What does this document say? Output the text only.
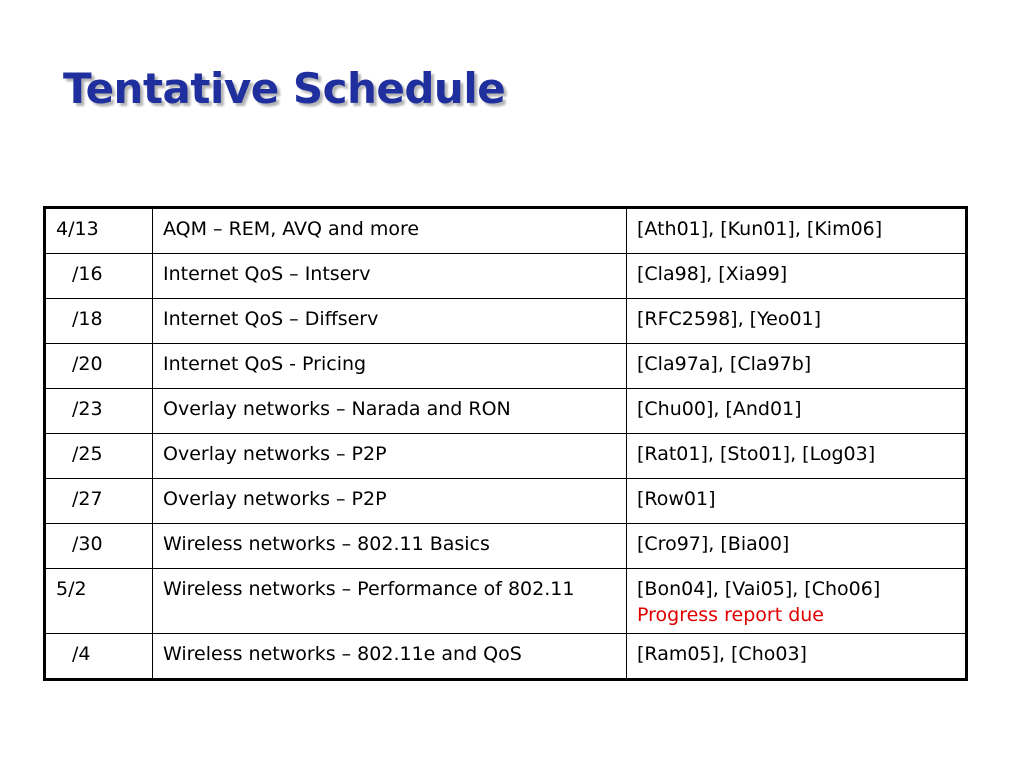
Tentative Schedule
4/13	AQM – REM, AVQ and more	[Ath01], [Kun01], [Kim06]
/16	Internet QoS – Intserv	[Cla98], [Xia99]
/18	Internet QoS – Diffserv	[RFC2598], [Yeo01]
/20	Internet QoS - Pricing	[Cla97a], [Cla97b]
/23	Overlay networks – Narada and RON	[Chu00], [And01]
/25	Overlay networks – P2P	[Rat01], [Sto01], [Log03]
/27	Overlay networks – P2P	[Row01]
/30	Wireless networks – 802.11 Basics	[Cro97], [Bia00]
5/2	Wireless networks – Performance of 802.11	[Bon04], [Vai05], [Cho06]
Progress report due

/4	Wireless networks – 802.11e and QoS	[Ram05], [Cho03]
